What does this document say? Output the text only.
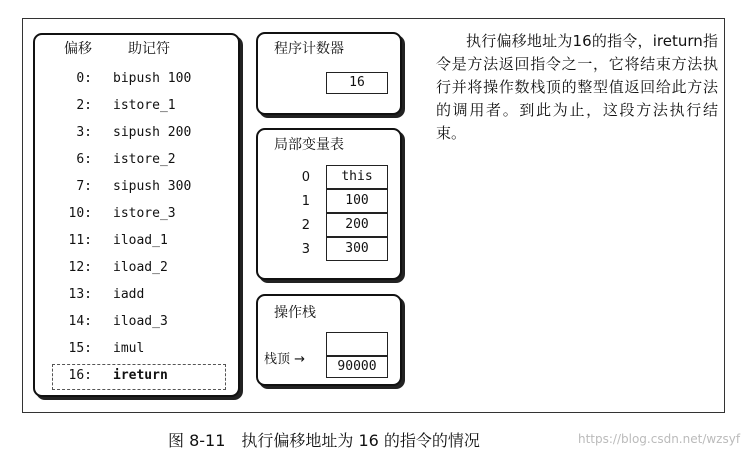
偏移	助记符
0: bipush 100
2: istore_1
3: sipush 200
6: istore_2
7: sipush 300
10: istore_3
11: iload_1
12: iload_2
13: iadd
14: iload_3
15: imul
16: ireturn
程序计数器
16
局部变量表
0	this
1	100
2	200
3	300
操作栈
栈顶 →	90000
执行偏移地址为16的指令，ireturn指令是方法返回指令之一，它将结束方法执行并将操作数栈顶的整型值返回给此方法的调用者。到此为止，这段方法执行结束。
图 8-11　执行偏移地址为 16 的指令的情况	https://blog.csdn.net/wzsyf
